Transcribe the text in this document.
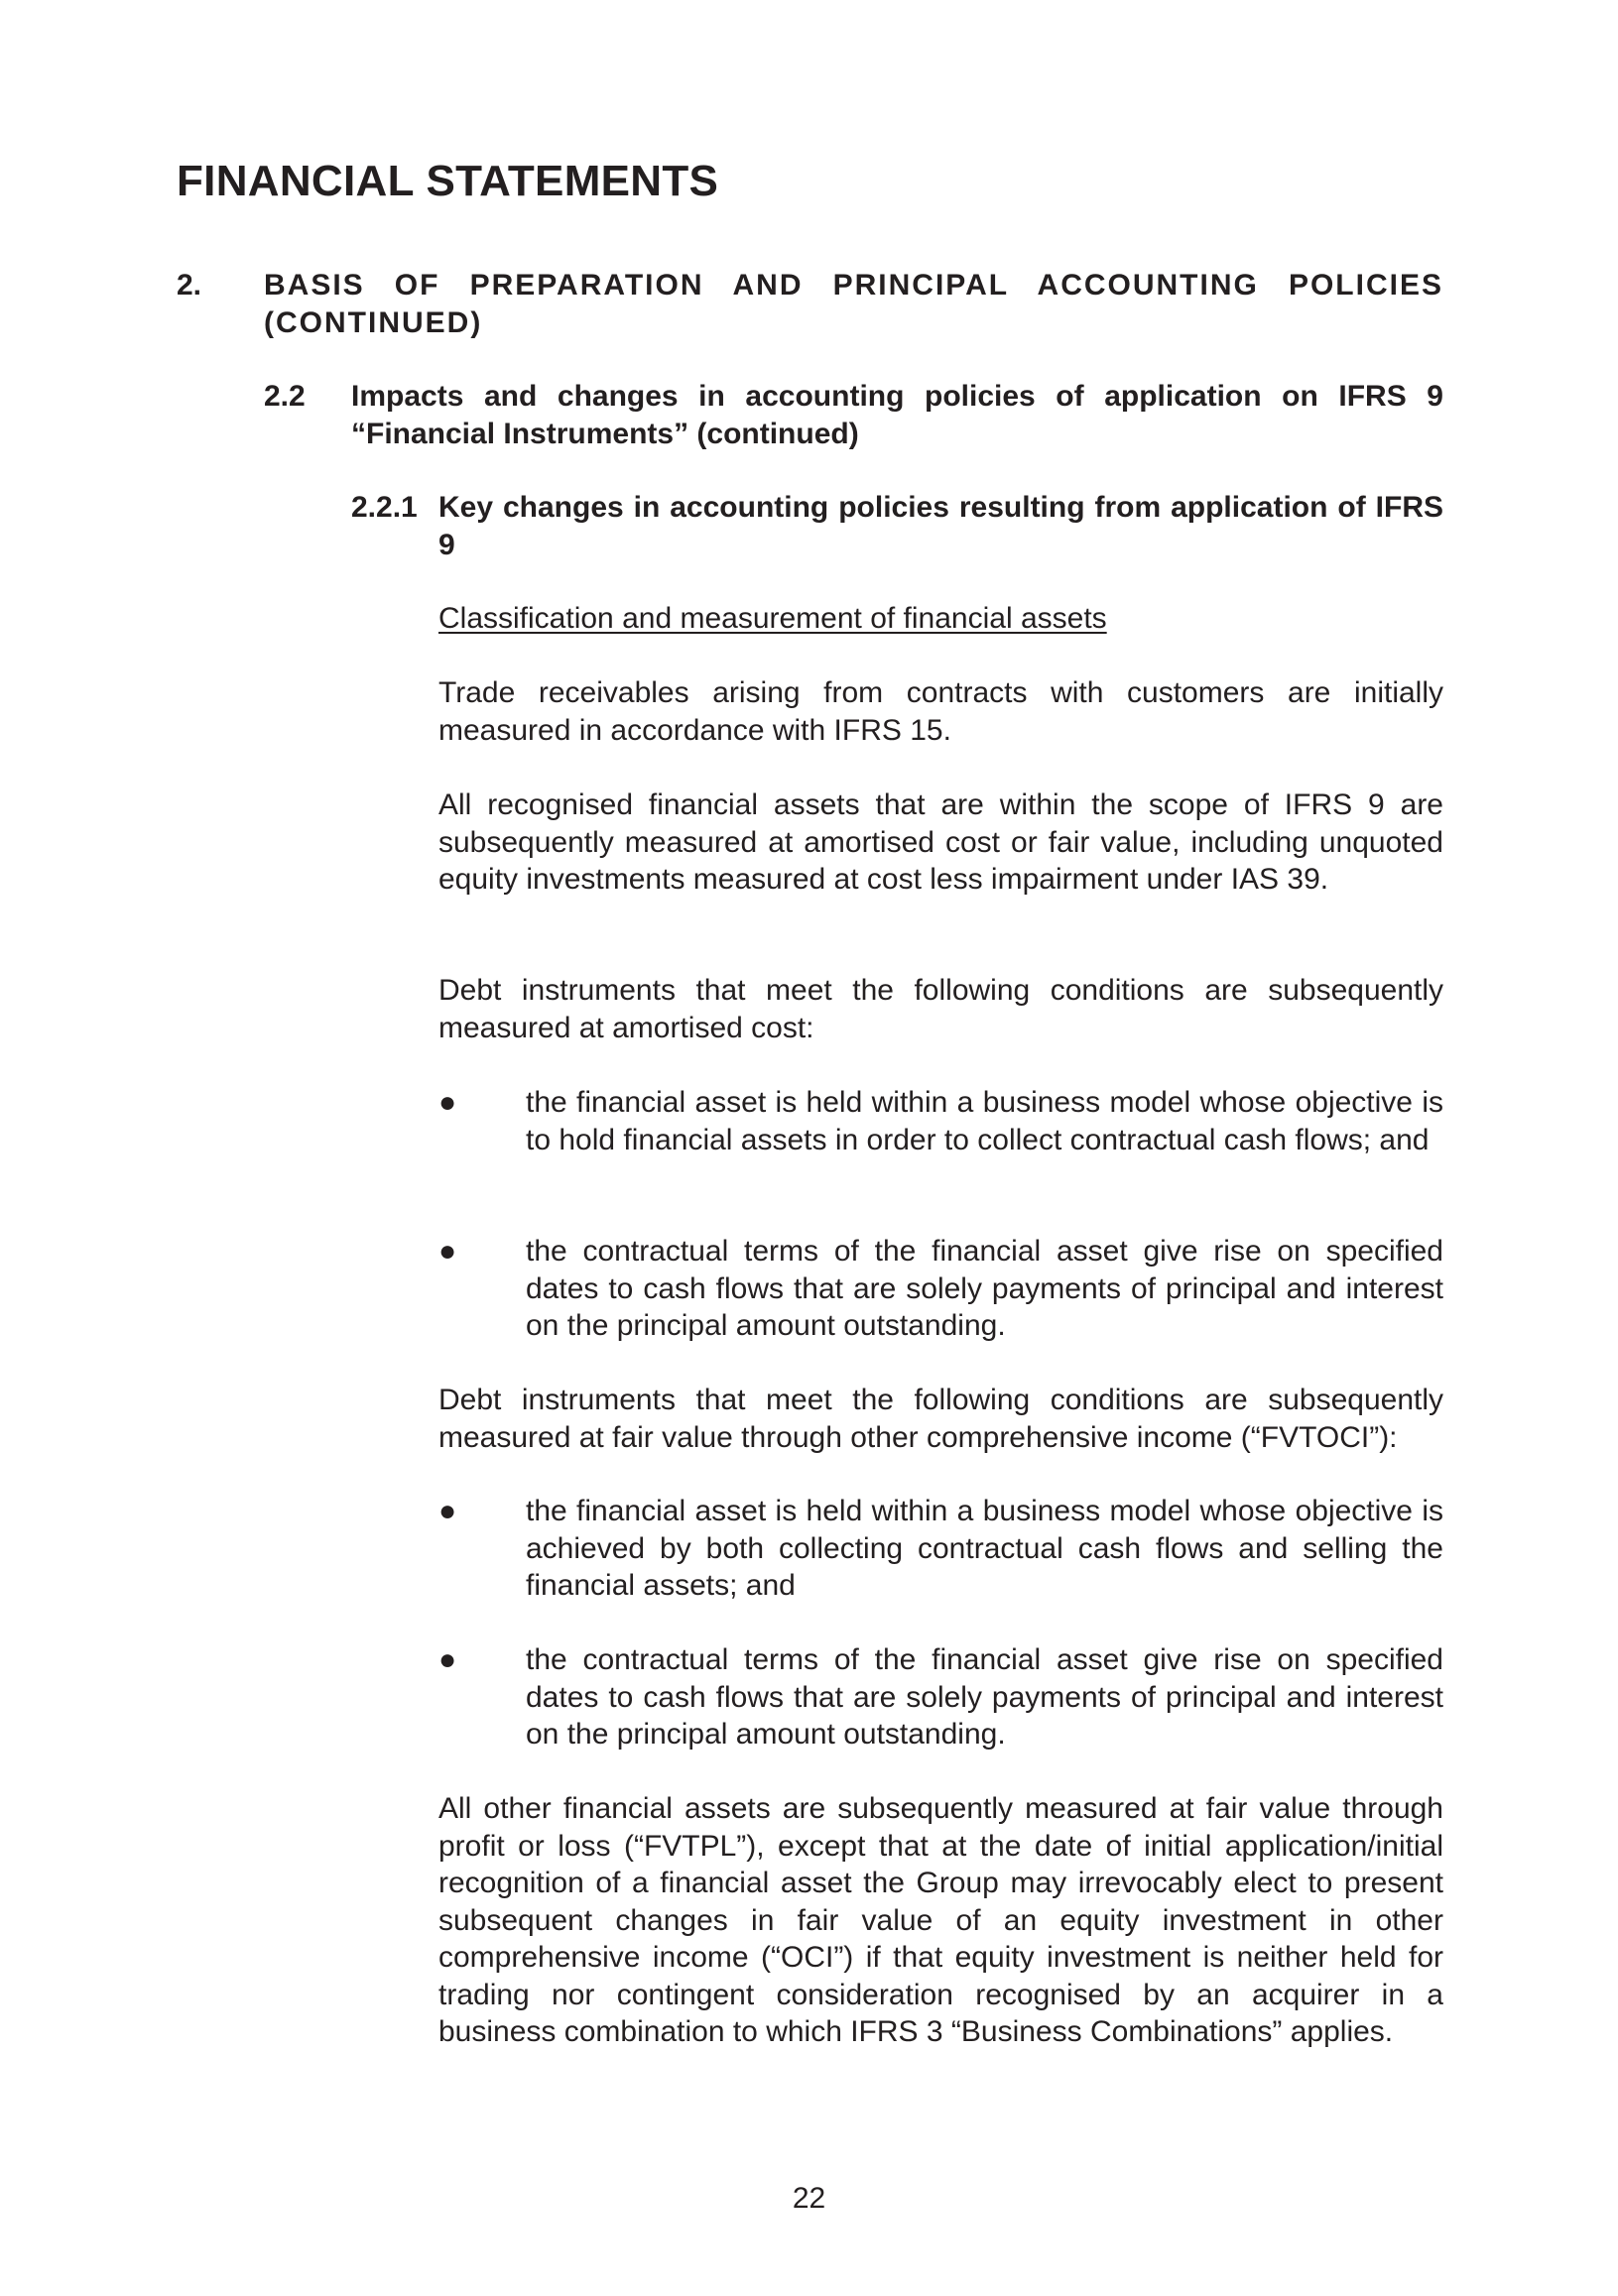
FINANCIAL STATEMENTS
2. BASIS OF PREPARATION AND PRINCIPAL ACCOUNTING POLICIES (CONTINUED)
2.2 Impacts and changes in accounting policies of application on IFRS 9 “Financial Instruments” (continued)
2.2.1 Key changes in accounting policies resulting from application of IFRS 9

Classification and measurement of financial assets

Trade receivables arising from contracts with customers are initially measured in accordance with IFRS 15.

All recognised financial assets that are within the scope of IFRS 9 are subsequently measured at amortised cost or fair value, including unquoted equity investments measured at cost less impairment under IAS 39.

Debt instruments that meet the following conditions are subsequently measured at amortised cost:

● the financial asset is held within a business model whose objective is to hold financial assets in order to collect contractual cash flows; and

● the contractual terms of the financial asset give rise on specified dates to cash flows that are solely payments of principal and interest on the principal amount outstanding.

Debt instruments that meet the following conditions are subsequently measured at fair value through other comprehensive income (“FVTOCI”):

● the financial asset is held within a business model whose objective is achieved by both collecting contractual cash flows and selling the financial assets; and

● the contractual terms of the financial asset give rise on specified dates to cash flows that are solely payments of principal and interest on the principal amount outstanding.

All other financial assets are subsequently measured at fair value through profit or loss (“FVTPL”), except that at the date of initial application/initial recognition of a financial asset the Group may irrevocably elect to present subsequent changes in fair value of an equity investment in other comprehensive income (“OCI”) if that equity investment is neither held for trading nor contingent consideration recognised by an acquirer in a business combination to which IFRS 3 “Business Combinations” applies.

22
